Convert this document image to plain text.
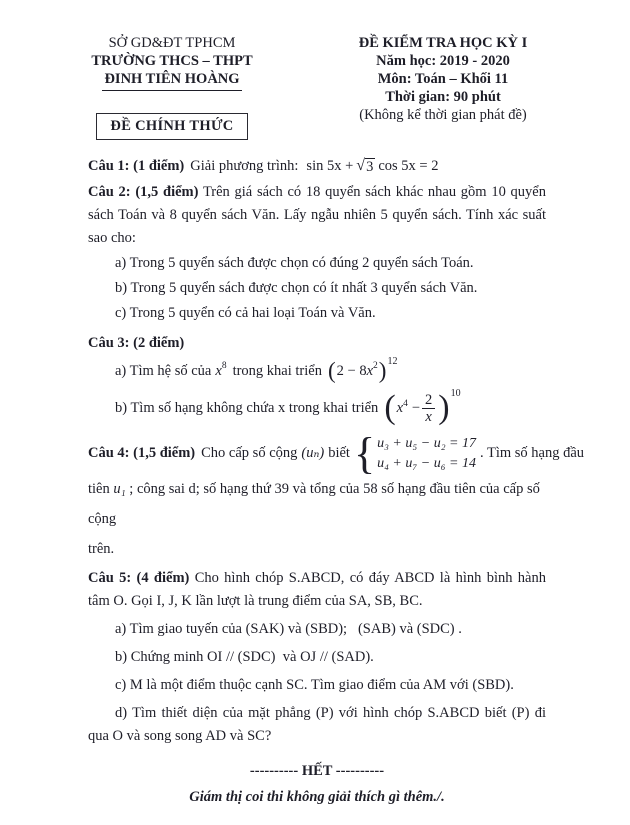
SỞ GD&ĐT TPHCM
TRƯỜNG THCS – THPT
ĐINH TIÊN HOÀNG
ĐỀ CHÍNH THỨC
ĐỀ KIỂM TRA HỌC KỲ I
Năm học: 2019 - 2020
Môn: Toán – Khối 11
Thời gian: 90 phút
(Không kể thời gian phát đề)
Câu 1: (1 điểm) Giải phương trình: sin 5x + √ 3 cos 5x = 2

Câu 2: (1,5 điểm) Trên giá sách có 18 quyển sách khác nhau gồm 10 quyển sách Toán và 8 quyển sách Văn. Lấy ngẫu nhiên 5 quyển sách. Tính xác suất sao cho:

a) Trong 5 quyển sách được chọn có đúng 2 quyển sách Toán.

b) Trong 5 quyển sách được chọn có ít nhất 3 quyển sách Văn.

c) Trong 5 quyển có cả hai loại Toán và Văn.

Câu 3: (2 điểm)

a) Tìm hệ số của $x^8$ trong khai triển ( 2 − 8 $x^2$ )$^{12}$
b) Tìm số hạng không chứa x trong khai triển ( $x^4 - \frac{2}{x} )^{10}$
Câu 4: (1,5 điểm) Cho cấp số cộng (uₙ) biết { u₃ + u₅ − u₂ = 17
u₄ + u₇ − u₆ = 14
. Tìm số hạng đầu

tiên u₁ ; công sai d; số hạng thứ 39 và tổng của 58 số hạng đầu tiên của cấp số cộng

trên.

Câu 5: (4 điểm) Cho hình chóp S.ABCD, có đáy ABCD là hình bình hành tâm O. Gọi I, J, K lần lượt là trung điểm của SA, SB, BC.

a) Tìm giao tuyến của (SAK) và (SBD);   (SAB) và (SDC) .

b) Chứng minh OI // (SDC)  và OJ // (SAD).

c) M là một điểm thuộc cạnh SC. Tìm giao điểm của AM với (SBD).

d) Tìm thiết diện của mặt phẳng (P) với hình chóp S.ABCD biết (P) đi qua O và song song AD và SC?

---------- HẾT ----------
Giám thị coi thi không giải thích gì thêm./.
